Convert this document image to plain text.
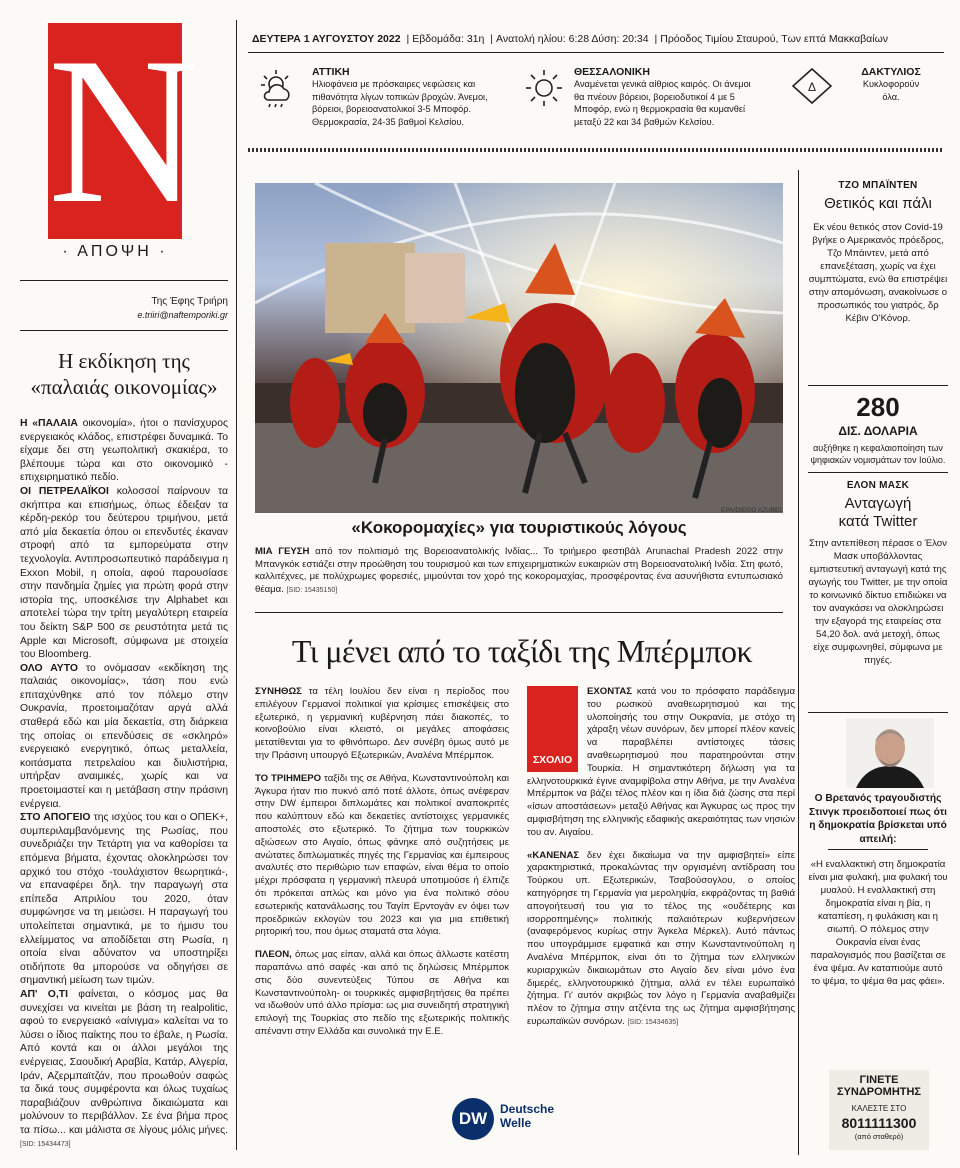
N
· ΑΠΟΨΗ ·
Της Έφης Τριήρη
e.triiri@naftemporiki.gr
Η εκδίκηση της
«παλαιάς οικονομίας»

Η «ΠΑΛΑΙΑ οικονομία», ήτοι ο πανίσχυρος ενεργειακός κλάδος, επιστρέφει δυναμικά. Το είχαμε δει στη γεωπολιτική σκακιέρα, το βλέπουμε τώρα και στο οικονομικό - επιχειρηματικό πεδίο.

ΟΙ ΠΕΤΡΕΛΑΪΚΟΙ κολοσσοί παίρνουν τα σκήπτρα και επισήμως, όπως έδειξαν τα κέρδη-ρεκόρ του δεύτερου τριμήνου, μετά από μία δεκαετία όπου οι επενδυτές έκαναν στροφή από τα εμπορεύματα στην τεχνολογία. Αντιπροσωπευτικό παράδειγμα η Exxon Mobil, η οποία, αφού παρουσίασε στην πανδημία ζημίες για πρώτη φορά στην ιστορία της, υποσκέλισε την Alphabet και αποτελεί τώρα την τρίτη μεγαλύτερη εταιρεία του δείκτη S&P 500 σε ρευστότητα μετά τις Apple και Microsoft, σύμφωνα με στοιχεία του Bloomberg.

ΟΛΟ ΑΥΤΟ το ονόμασαν «εκδίκηση της παλαιάς οικονομίας», τάση που ενώ επιταχύνθηκε από τον πόλεμο στην Ουκρανία, προετοιμαζόταν αργά αλλά σταθερά εδώ και μία δεκαετία, στη διάρκεια της οποίας οι επενδύσεις σε «σκληρό» ενεργειακό ενεργητικό, όπως μεταλλεία, κοιτάσματα πετρελαίου και διυλιστήρια, υπήρξαν αναιμικές, χωρίς και να προετοιμαστεί και η μετάβαση στην πράσινη ενέργεια.

ΣΤΟ ΑΠΟΓΕΙΟ της ισχύος του και ο ΟΠΕΚ+, συμπεριλαμβανόμενης της Ρωσίας, που συνεδριάζει την Τετάρτη για να καθορίσει τα επόμενα βήματα, έχοντας ολοκληρώσει τον αρχικό του στόχο -τουλάχιστον θεωρητικά-, να επαναφέρει δηλ. την παραγωγή στα επίπεδα Απριλίου του 2020, όταν συμφώνησε να τη μειώσει. Η παραγωγή του υπολείπεται σημαντικά, με το ήμισυ του ελλείμματος να αποδίδεται στη Ρωσία, η οποία είναι αδύνατον να υποστηρίξει οτιδήποτε θα μπορούσε να οδηγήσει σε σημαντική μείωση των τιμών.

ΑΠ' Ο,ΤΙ φαίνεται, ο κόσμος μας θα συνεχίσει να κινείται με βάση τη realpolitic, αφού το ενεργειακό «αίνιγμα» καλείται να το λύσει ο ίδιος παίκτης που το έβαλε, η Ρωσία. Από κοντά και οι άλλοι μεγάλοι της ενέργειας, Σαουδική Αραβία, Κατάρ, Αλγερία, Ιράν, Αζερμπαϊτζάν, που προωθούν σαφώς τα δικά τους συμφέροντα και όλως τυχαίως παραβιάζουν ανθρώπινα δικαιώματα και μολύνουν το περιβάλλον. Σε ένα βήμα προς τα πίσω... και μάλιστα σε λίγους μόλις μήνες. [SID: 15434473]

ΔΕΥΤΕΡΑ 1 ΑΥΓΟΥΣΤΟΥ 2022 | Εβδομάδα: 31η | Ανατολή ηλίου: 6:28 Δύση: 20:34 | Πρόοδος Τιμίου Σταυρού, Των επτά Μακκαβαίων
ΑΤΤΙΚΗ
Ηλιοφάνεια με πρόσκαιρες νεφώσεις και
πιθανότητα λίγων τοπικών βροχών. Άνεμοι,
βόρειοι, βορειοανατολικοί 3-5 Μποφόρ.
Θερμοκρασία, 24-35 βαθμοί Κελσίου.
ΘΕΣΣΑΛΟΝΙΚΗ
Αναμένεται γενικά αίθριος καιρός. Οι άνεμοι
θα πνέουν βόρειοι, βορειοδυτικοί 4 με 5
Μποφόρ, ενώ η θερμοκρασία θα κυμανθεί
μεταξύ 22 και 34 βαθμών Κελσίου.
Δ
ΔΑΚΤΥΛΙΟΣ
Κυκλοφορούν
όλα.
EPA/DIEGO AZUBEL
«Κοκορομαχίες» για τουριστικούς λόγους
ΜΙΑ ΓΕΥΣΗ από τον πολιτισμό της Βορειοανατολικής Ινδίας... Το τριήμερο φεστιβάλ Arunachal Pradesh 2022 στην Μπανγκόκ εστιάζει στην προώθηση του τουρισμού και των επιχειρηματικών ευκαιριών στη Βορειοανατολική Ινδία. Στη φωτό, καλλιτέχνες, με πολύχρωμες φορεσιές, μιμούνται τον χορό της κοκορομαχίας, προσφέροντας ένα ασυνήθιστα εντυπωσιακό θέαμα. [SID: 15435150]
Τι μένει από το ταξίδι της Μπέρμποκ

ΣΥΝΗΘΩΣ τα τέλη Ιουλίου δεν είναι η περίοδος που επιλέγουν Γερμανοί πολιτικοί για κρίσιμες επισκέψεις στο εξωτερικό, η γερμανική κυβέρνηση πάει διακοπές, το κοινοβούλιο είναι κλειστό, οι μεγάλες αποφάσεις μετατίθενται για το φθινόπωρο. Δεν συνέβη όμως αυτό με την Πράσινη υπουργό Εξωτερικών, Αναλένα Μπέρμποκ.

ΤΟ ΤΡΙΗΜΕΡΟ ταξίδι της σε Αθήνα, Κωνσταντινούπολη και Άγκυρα ήταν πιο πυκνό από ποτέ άλλοτε, όπως ανέφεραν στην DW έμπειροι διπλωμάτες και πολιτικοί αναποκριτές που καλύπτουν εδώ και δεκαετίες αντίστοιχες γερμανικές αποστολές στο εξωτερικό. Το ζήτημα των τουρκικών αξιώσεων στο Αιγαίο, όπως φάνηκε από συζητήσεις με ανώτατες διπλωματικές πηγές της Γερμανίας και έμπειρους αναλυτές στο περιθώριο των επαφών, είναι θέμα το οποίο μέχρι πρόσφατα η γερμανική πλευρά υποτιμούσε ή έλπιζε ότι πρόκειται απλώς και μόνο για ένα πολιτικό σόου εσωτερικής κατανάλωσης του Ταγίπ Ερντογάν εν όψει των προεδρικών εκλογών του 2023 και για μια επιθετική ρητορική του, που όμως σταματά στα λόγια.

ΠΛΕΟΝ, όπως μας είπαν, αλλά και όπως άλλωστε κατέστη παραπάνω από σαφές -και από τις δηλώσεις Μπέρμποκ στις δύο συνεντεύξεις Τύπου σε Αθήνα και Κωνσταντινούπολη- οι τουρκικές αμφισβητήσεις θα πρέπει να ιδωθούν υπό άλλο πρίσμα: ως μια συνειδητή στρατηγική επιλογή της Τουρκίας στο πεδίο της εξωτερικής πολιτικής απέναντι στην Ελλάδα και συνολικά την Ε.Ε.

ΣΧΟΛΙΟ

ΕΧΟΝΤΑΣ κατά νου το πρόσφατο παράδειγμα του ρωσικού αναθεωρητισμού και της υλοποίησής του στην Ουκρανία, με στόχο τη χάραξη νέων συνόρων, δεν μπορεί πλέον κανείς να παραβλέπει αντίστοιχες τάσεις αναθεωρητισμού που παρατηρούνται στην Τουρκία. Η σημαντικότερη δήλωση για τα ελληνοτουρκικά έγινε αναμφίβολα στην Αθήνα, με την Αναλένα Μπέρμποκ να βάζει τέλος πλέον και η ίδια διά ζώσης στα περί «ίσων αποστάσεων» μεταξύ Αθήνας και Άγκυρας ως προς την αμφισβήτηση της ελληνικής εδαφικής ακεραιότητας των νησιών του αν. Αιγαίου.

«ΚΑΝΕΝΑΣ δεν έχει δικαίωμα να την αμφισβητεί» είπε χαρακτηριστικά, προκαλώντας την οργισμένη αντίδραση του Τούρκου υπ. Εξωτερικών, Τσαβούσογλου, ο οποίος κατηγόρησε τη Γερμανία για μεροληψία, εκφράζοντας τη βαθιά απογοήτευσή του για το τέλος της «ουδέτερης και ισορροπημένης» πολιτικής παλαιότερων κυβερνήσεων (αναφερόμενος κυρίως στην Άγκελα Μέρκελ). Αυτό πάντως που υπογράμμισε εμφατικά και στην Κωνσταντινούπολη η Αναλένα Μπέρμποκ, είναι ότι το ζήτημα των ελληνικών κυριαρχικών δικαιωμάτων στο Αιγαίο δεν είναι μόνο ένα διμερές, ελληνοτουρκικό ζήτημα, αλλά εν τέλει ευρωπαϊκό ζήτημα. Γι' αυτόν ακριβώς τον λόγο η Γερμανία αναβαθμίζει πλέον το ζήτημα στην ατζέντα της ως ζήτημα αμφισβήτησης ευρωπαϊκών συνόρων. [SID: 15434635]

DW	Deutsche
Welle
ΤΖΟ ΜΠΑΪΝΤΕΝ
Θετικός και πάλι
Εκ νέου θετικός στον Covid-19 βγήκε ο Αμερικανός πρόεδρος, Τζο Μπάιντεν, μετά από επανεξέταση, χωρίς να έχει συμπτώματα, ενώ θα επιστρέψει στην απομόνωση, ανακοίνωσε ο προσωπικός του γιατρός, δρ Κέβιν Ο'Κόνορ.
280
ΔΙΣ. ΔΟΛΑΡΙΑ
αυξήθηκε η κεφαλαιοποίηση των ψηφιακών νομισμάτων τον Ιούλιο.
ΕΛΟΝ ΜΑΣΚ
Ανταγωγή
κατά Twitter
Στην αντεπίθεση πέρασε ο Έλον Μασκ υποβάλλοντας εμπιστευτική ανταγωγή κατά της αγωγής του Twitter, με την οποία το κοινωνικό δίκτυο επιδιώκει να τον αναγκάσει να ολοκληρώσει την εξαγορά της εταιρείας στα 54,20 δολ. ανά μετοχή, όπως είχε συμφωνηθεί, σύμφωνα με πηγές.
Ο Βρετανός τραγουδιστής Στινγκ προειδοποιεί πως ότι η δημοκρατία βρίσκεται υπό απειλή:
«Η εναλλακτική στη δημοκρατία είναι μια φυλακή, μια φυλακή του μυαλού. Η εναλλακτική στη δημοκρατία είναι η βία, η καταπίεση, η φυλάκιση και η σιωπή. Ο πόλεμος στην Ουκρανία είναι ένας παραλογισμός που βασίζεται σε ένα ψέμα. Αν καταπιούμε αυτό το ψέμα, το ψέμα θα μας φάει».
ΓΙΝΕΤΕ
ΣΥΝΔΡΟΜΗΤΗΣ
ΚΑΛΕΣΤΕ ΣΤΟ
8011111300
(από σταθερό)
